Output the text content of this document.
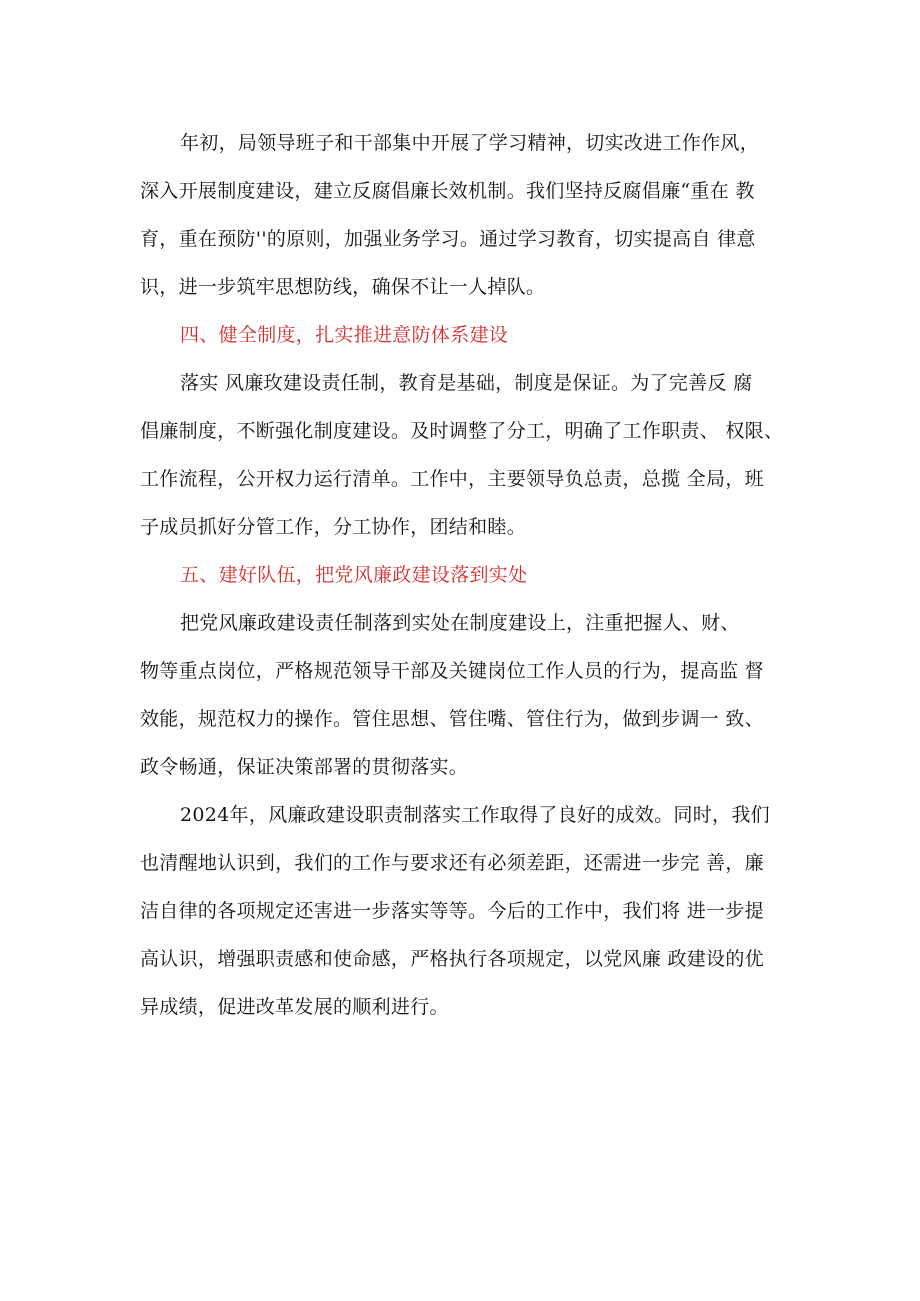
年初，局领导班子和干部集中开展了学习精神，切实改进工作作风，
深入开展制度建设，建立反腐倡廉长效机制。我们坚持反腐倡廉“重在 教
育，重在预防''的原则，加强业务学习。通过学习教育，切实提高自 律意
识，进一步筑牢思想防线，确保不让一人掉队。
四、健全制度，扎实推进意防体系建设
落实 风廉玫建设责任制，教育是基础，制度是保证。为了完善反 腐
倡廉制度，不断强化制度建设。及时调整了分工，明确了工作职责、 权限、
工作流程，公开权力运行清单。工作中，主要领导负总责，总揽 全局，班
子成员抓好分管工作，分工协作，团结和睦。
五、建好队伍，把党风廉政建设落到实处
把党风廉政建设责任制落到实处在制度建设上，注重把握人、财、
物等重点岗位，严格规范领导干部及关键岗位工作人员的行为，提高监 督
效能，规范权力的操作。管住思想、管住嘴、管住行为，做到步调一 致、
政令畅通，保证决策部署的贯彻落实。
2024年，风廉政建设职责制落实工作取得了良好的成效。同时，我们
也清醒地认识到，我们的工作与要求还有必须差距，还需进一步完 善，廉
洁自律的各项规定还害进一步落实等等。今后的工作中，我们将 进一步提
高认识，增强职责感和使命感，严格执行各项规定，以党风廉 政建设的优
异成绩，促进改革发展的顺利进行。
